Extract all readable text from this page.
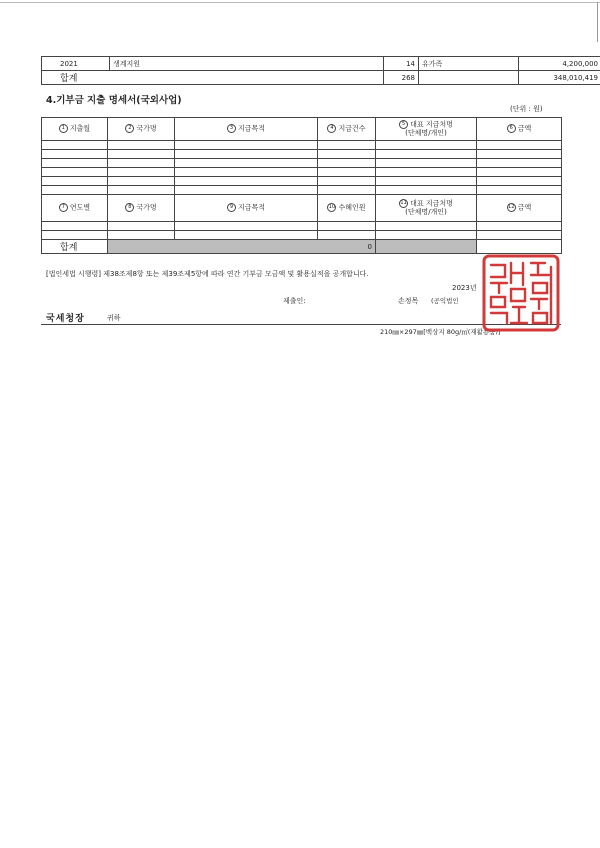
2021	생계지원	14	유가족	4,200,000
합계		268		348,010,419
4.기부금 지출 명세서(국외사업)
(단위 : 원)
1 지출월	2 국가명	3 지급목적	4 지급건수	5 대표 지급처명
(단체명/개인)	6 금액

7 연도별	8 국가명	9 지급목적	10 수혜인원	11 대표 지급처명
(단체명/개인)	12 금액

합계	0				
[법인세법 시행령] 제38조제8항 또는 제39조제5항에 따라 연간 기부금 모금액 및 활용실적을 공개합니다.
2023년
제출인:	손정목 (공익법인
국세청장	귀하
210㎜×297㎜[백상지 80g/㎡(재활용품)]
